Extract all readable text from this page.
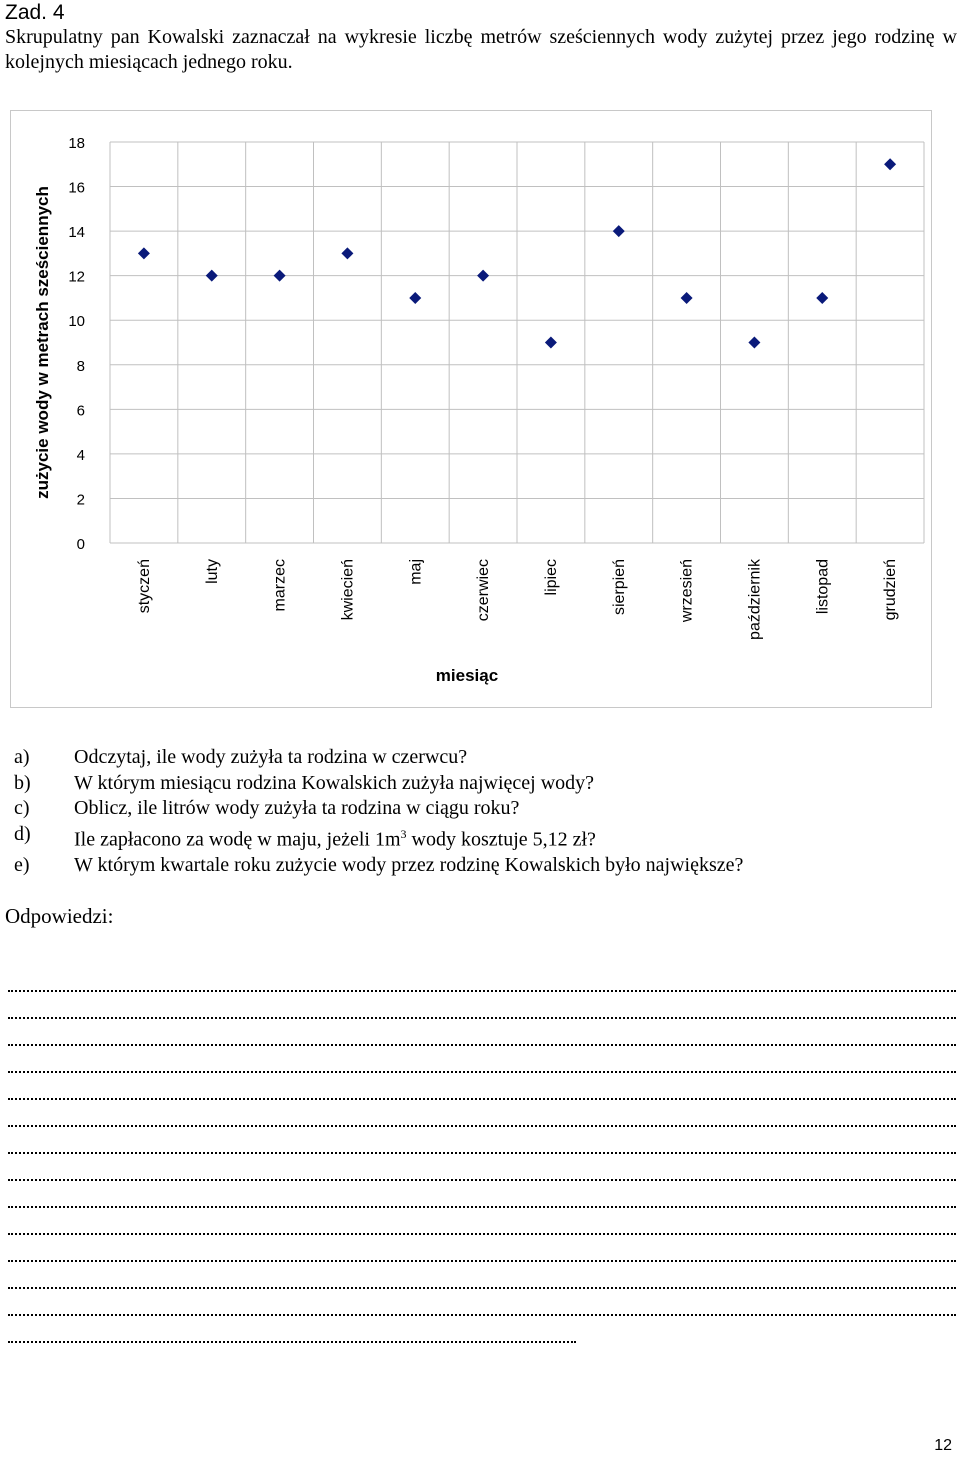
Zad. 4

Skrupulatny pan Kowalski zaznaczał na wykresie liczbę metrów sześciennych wody zużytej przez jego rodzinę w kolejnych miesiącach jednego roku.

0
2
4
6
8
10
12
14
16
18
styczeń	luty	marzec	kwiecień	maj	czerwiec	lipiec	sierpień	wrzesień	październik	listopad	grudzień
miesiąc
zużycie wody w metrach sześciennych
a)	Odczytaj, ile wody zużyła ta rodzina w czerwcu?
b)	W którym miesiącu rodzina Kowalskich zużyła najwięcej wody?
c)	Oblicz, ile litrów wody zużyła ta rodzina w ciągu roku?
d)	Ile zapłacono za wodę w maju, jeżeli $1m^3$ wody kosztuje 5,12 zł?
e)	W którym kwartale roku zużycie wody przez rodzinę Kowalskich było największe?
Odpowiedzi:
12
